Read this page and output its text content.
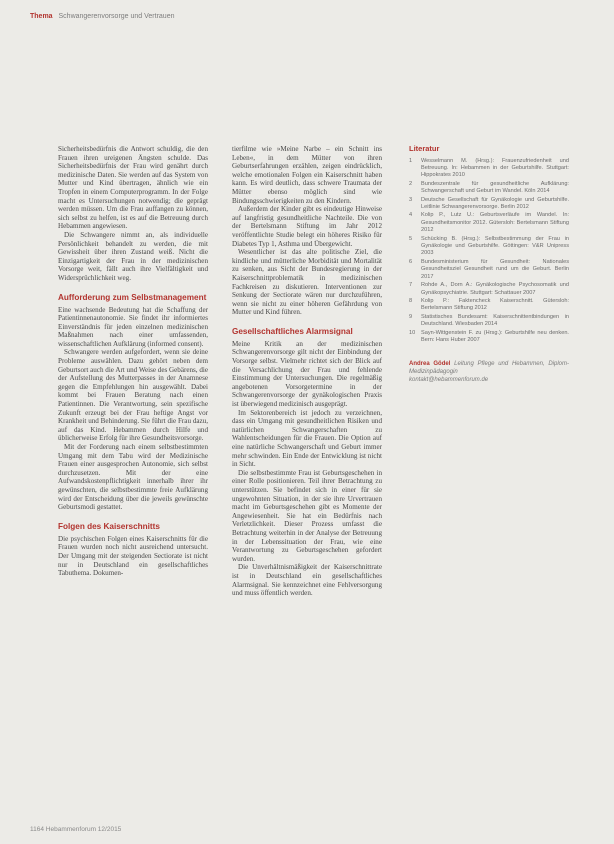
Thema Schwangerenvorsorge und Vertrauen

Sicherheitsbedürfnis die Antwort schuldig, die den Frauen ihren ureigenen Ängsten schulde. Das Sicherheitsbedürfnis der Frau wird genährt durch medizinische Daten. Sie werden auf das System von Mutter und Kind übertragen, ähnlich wie ein Tropfen in einem Computerprogramm. In der Folge macht es Untersuchungen notwendig; die geprägt werden müssen. Um die Frau auffangen zu können, sich selbst zu helfen, ist es auf die Betreuung durch Hebammen angewiesen.

Die Schwangere nimmt an, als individuelle Persönlichkeit behandelt zu werden, die mit Gewissheit über ihren Zustand weiß. Nicht die Einzigartigkeit der Frau in der medizinischen Vorsorge weit, fällt auch ihre Vielfältigkeit und Widersprüchlichkeit weg.

Aufforderung zum Selbstmanagement

Eine wachsende Bedeutung hat die Schaffung der Patientinnenautonomie. Sie findet ihr informiertes Einverständnis für jeden einzelnen medizinischen Maßnahmen nach einer umfassenden, wissenschaftlichen Aufklärung (informed consent).

Schwangere werden aufgefordert, wenn sie deine Probleme auswählen. Dazu gehört neben dem Geburtsort auch die Art und Weise des Gebärens, die der Aufstellung des Mutterpasses in der Anamnese gegen die Empfehlungen hin ausgewählt. Dabei kommt bei Frauen Beratung nach einen Patientinnen. Die Verantwortung, sein spezifische Zukunft erzeugt bei der Frau heftige Angst vor Krankheit und Behinderung. Sie führt die Frau dazu, auf das Kind. Hebammen durch Hilfe und üblicherweise Erfolg für ihre Gesundheitsvorsorge.

Mit der Forderung nach einem selbstbestimmten Umgang mit dem Tabu wird der Medizinische Frauen einer ausgesprochen Autonomie, sich selbst durchzusetzen. Mit der eine Aufwandskostenpflichtigkeit innerhalb ihrer ihr gewünschten, die selbstbestimmte freie Aufklärung wird der Entscheidung über die jeweils gewünschte Geburtsmodi gestattet.

Folgen des Kaiserschnitts

Die psychischen Folgen eines Kaiserschnitts für die Frauen wurden noch nicht ausreichend untersucht. Der Umgang mit der steigenden Sectiorate ist nicht nur in Deutschland ein gesellschaftliches Tabuthema. Dokumen-

tierfilme wie »Meine Narbe – ein Schnitt ins Leben«, in dem Mütter von ihren Geburtserfahrungen erzählen, zeigen eindrücklich, welche emotionalen Folgen ein Kaiserschnitt haben kann. Es wird deutlich, dass schwere Traumata der Mütter ebenso möglich sind wie Bindungsschwierigkeiten zu den Kindern.

Außerdem der Kinder gibt es eindeutige Hinweise auf langfristig gesundheitliche Nachteile. Die von der Bertelsmann Stiftung im Jahr 2012 veröffentlichte Studie belegt ein höheres Risiko für Diabetes Typ 1, Asthma und Übergewicht.

Wesentlicher ist das alte politische Ziel, die kindliche und mütterliche Morbidität und Mortalität zu senken, aus Sicht der Bundesregierung in der Kaiserschnittproblematik in medizinischen Fachkreisen zu diskutieren. Interventionen zur Senkung der Sectiorate wären nur durchzuführen, wenn sie nicht zu einer höheren Gefährdung von Mutter und Kind führen.

Gesellschaftliches Alarmsignal

Meine Kritik an der medizinischen Schwangerenvorsorge gilt nicht der Einbindung der Vorsorge selbst. Vielmehr richtet sich der Blick auf die Versachlichung der Frau und fehlende Einstimmung der Untersuchungen. Die regelmäßig angebotenen Vorsorgetermine in der Schwangerenvorsorge der gynäkologischen Praxis ist überwiegend medizinisch ausgeprägt.

Im Sektorenbereich ist jedoch zu verzeichnen, dass ein Umgang mit gesundheitlichen Risiken und natürlichen Schwangerschaften zu Wahlentscheidungen für die Frauen. Die Option auf eine natürliche Schwangerschaft und Geburt immer mehr schwinden. Ein Ende der Entwicklung ist nicht in Sicht.

Die selbstbestimmte Frau ist Geburtsgeschehen in einer Rolle positionieren. Teil ihrer Betrachtung zu unterstützen. Sie befindet sich in einer für sie ungewohnten Situation, in der sie ihre Urvertrauen macht im Geburtsgeschehen gibt es Momente der Angewiesenheit. Sie hat ein Bedürfnis nach Verletzlichkeit. Dieser Prozess umfasst die Betrachtung weiterhin in der Analyse der Betreuung in der Lebenssituation der Frau, wie eine Verantwortung zu Geburtsgeschehen gefordert wurden.

Die Unverhältnismäßigkeit der Kaiserschnittrate ist in Deutschland ein gesellschaftliches Alarmsignal. Sie kennzeichnet eine Fehlversorgung und muss öffentlich werden.

Literatur
1	Wesselmann M. (Hrsg.): Frauenzufriedenheit und Betreuung. In: Hebammen in der Geburtshilfe. Stuttgart: Hippokrates 2010
2	Bundeszentrale für gesundheitliche Aufklärung: Schwangerschaft und Geburt im Wandel. Köln 2014
3	Deutsche Gesellschaft für Gynäkologie und Geburtshilfe. Leitlinie Schwangerenvorsorge. Berlin 2012
4	Kolip P., Lutz U.: Geburtsverläufe im Wandel. In: Gesundheitsmonitor 2012. Gütersloh: Bertelsmann Stiftung 2012
5	Schücking B. (Hrsg.): Selbstbestimmung der Frau in Gynäkologie und Geburtshilfe. Göttingen: V&R Unipress 2003
6	Bundesministerium für Gesundheit: Nationales Gesundheitsziel Gesundheit rund um die Geburt. Berlin 2017
7	Rohde A., Dorn A.: Gynäkologische Psychosomatik und Gynäkopsychiatrie. Stuttgart: Schattauer 2007
8	Kolip P.: Faktencheck Kaiserschnitt. Gütersloh: Bertelsmann Stiftung 2012
9	Statistisches Bundesamt: Kaiserschnittentbindungen in Deutschland. Wiesbaden 2014
10	Sayn-Wittgenstein F. zu (Hrsg.): Geburtshilfe neu denken. Bern: Hans Huber 2007
Andrea Gödel Leitung Pflege und Hebammen, Diplom-Medizinpädagogin
kontakt@hebammenforum.de
1164 Hebammenforum 12/2015
